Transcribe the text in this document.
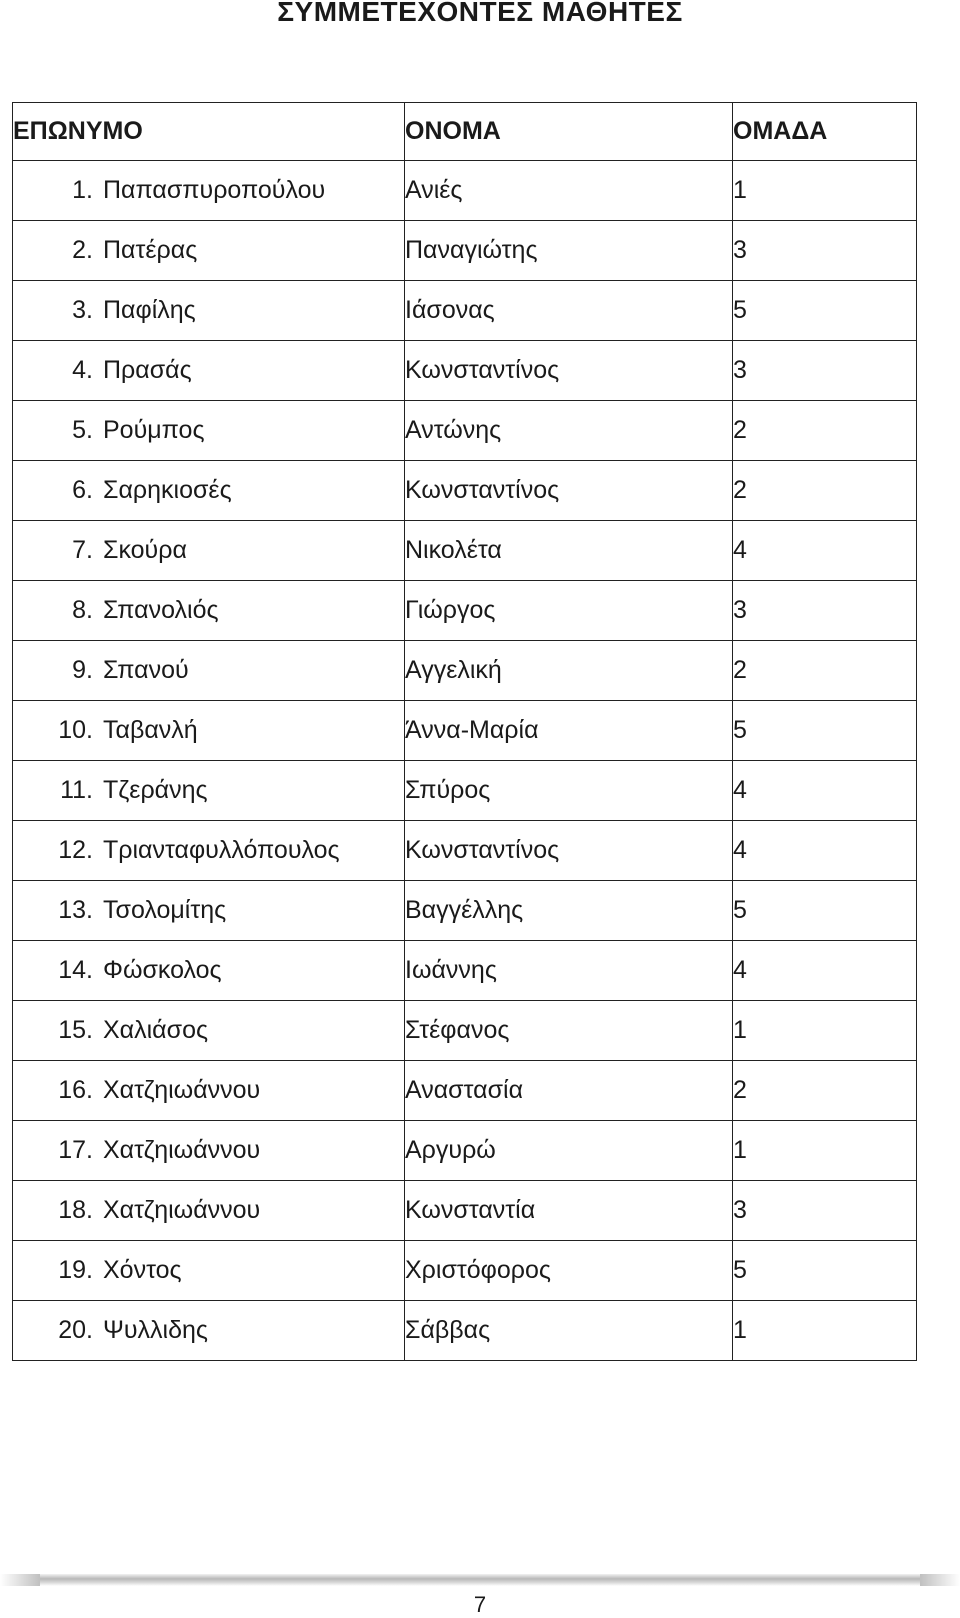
ΣΥΜΜΕΤΕΧΟΝΤΕΣ ΜΑΘΗΤΕΣ
ΕΠΩΝΥΜΟ	ΟΝΟΜΑ	ΟΜΑΔΑ
1. Παπασπυροπούλου	Ανιές	1
2. Πατέρας	Παναγιώτης	3
3. Παφίλης	Ιάσονας	5
4. Πρασάς	Κωνσταντίνος	3
5. Ρούμπος	Αντώνης	2
6. Σαρηκιοσές	Κωνσταντίνος	2
7. Σκούρα	Νικολέτα	4
8. Σπανολιός	Γιώργος	3
9. Σπανού	Αγγελική	2
10. Ταβανλή	Άννα-Μαρία	5
11. Τζεράνης	Σπύρος	4
12. Τριανταφυλλόπουλος	Κωνσταντίνος	4
13. Τσολομίτης	Βαγγέλλης	5
14. Φώσκολος	Ιωάννης	4
15. Χαλιάσος	Στέφανος	1
16. Χατζηιωάννου	Αναστασία	2
17. Χατζηιωάννου	Αργυρώ	1
18. Χατζηιωάννου	Κωνσταντία	3
19. Χόντος	Χριστόφορος	5
20. Ψυλλιδης	Σάββας	1
7
